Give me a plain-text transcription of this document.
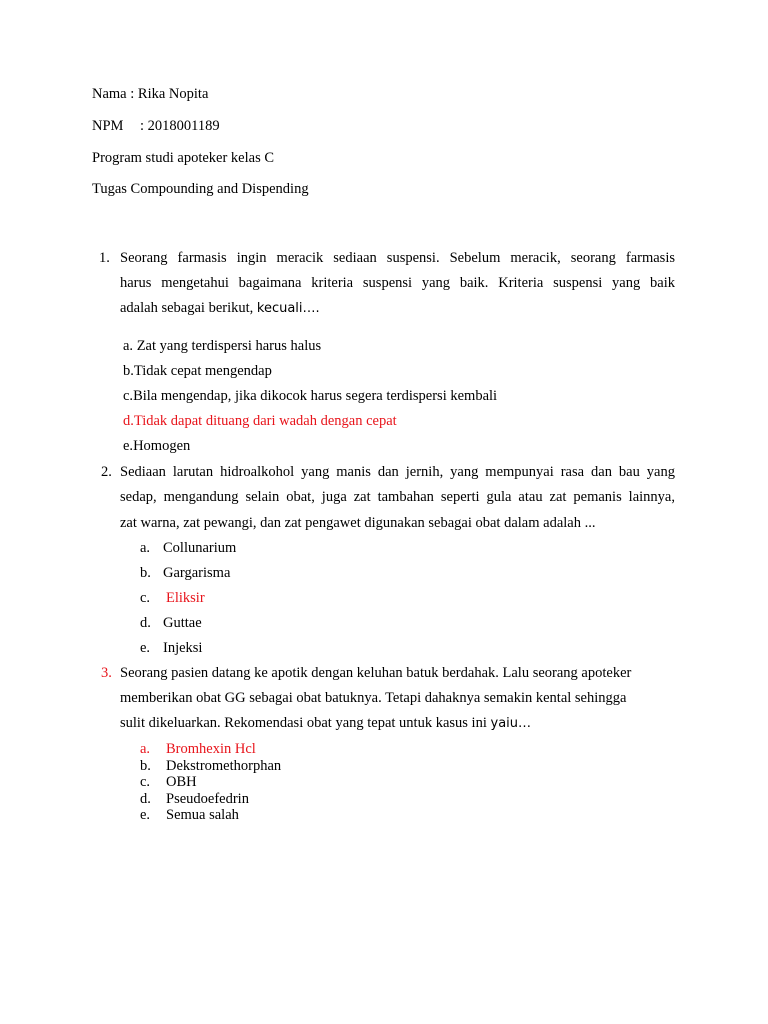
Nama : Rika Nopita
NPM : 2018001189
Program studi apoteker kelas C
Tugas Compounding and Dispending
1. Seorang farmasis ingin meracik sediaan suspensi. Sebelum meracik, seorang farmasis
harus mengetahui bagaimana kriteria suspensi yang baik. Kriteria suspensi yang baik
adalah sebagai berikut, kecuali….
a. Zat yang terdispersi harus halus
b.Tidak cepat mengendap
c.Bila mengendap, jika dikocok harus segera terdispersi kembali
d.Tidak dapat dituang dari wadah dengan cepat
e.Homogen
2. Sediaan larutan hidroalkohol yang manis dan jernih, yang mempunyai rasa dan bau yang
sedap, mengandung selain obat, juga zat tambahan seperti gula atau zat pemanis lainnya,
zat warna, zat pewangi, dan zat pengawet digunakan sebagai obat dalam adalah ...
a. Collunarium
b. Gargarisma
c. Eliksir
d. Guttae
e. Injeksi
3. Seorang pasien datang ke apotik dengan keluhan batuk berdahak. Lalu seorang apoteker
memberikan obat GG sebagai obat batuknya. Tetapi dahaknya semakin kental sehingga
sulit dikeluarkan. Rekomendasi obat yang tepat untuk kasus ini yaiu…
a. Bromhexin Hcl
b. Dekstromethorphan
c. OBH
d. Pseudoefedrin
e. Semua salah
